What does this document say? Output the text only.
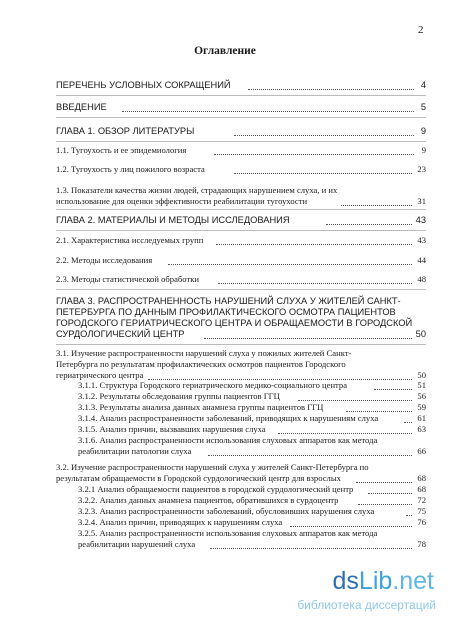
2
Оглавление
ПЕРЕЧЕНЬ УСЛОВНЫХ СОКРАЩЕНИЙ	4
ВВЕДЕНИЕ	5
ГЛАВА 1. ОБЗОР ЛИТЕРАТУРЫ	9
1.1. Тугоухость и ее эпидемиология	9
1.2. Тугоухость у лиц пожилого возраста	23
1.3. Показатели качества жизни людей, страдающих нарушением слуха, и их
использование для оценки эффективности реабилитации тугоухости	31
ГЛАВА 2. МАТЕРИАЛЫ И МЕТОДЫ ИССЛЕДОВАНИЯ	43
2.1. Характеристика исследуемых групп	43
2.2. Методы исследования	44
2.3. Методы статистической обработки	48
ГЛАВА 3. РАСПРОСТРАНЕННОСТЬ НАРУШЕНИЙ СЛУХА У ЖИТЕЛЕЙ САНКТ-
ПЕТЕРБУРГА ПО ДАННЫМ ПРОФИЛАКТИЧЕСКОГО ОСМОТРА ПАЦИЕНТОВ
ГОРОДСКОГО ГЕРИАТРИЧЕСКОГО ЦЕНТРА И ОБРАЩАЕМОСТИ В ГОРОДСКОЙ
СУРДОЛОГИЧЕСКИЙ ЦЕНТР	50
3.1. Изучение распространенности нарушений слуха у пожилых жителей Санкт-
Петербурга по результатам профилактических осмотров пациентов Городского
гериатрического центра	50
3.1.1. Структура Городского гериатрического медико-социального центра	51
3.1.2. Результаты обследования группы пациентов ГГЦ	56
3.1.3. Результаты анализа данных анамнеза группы пациентов ГГЦ	59
3.1.4. Анализ распространенности заболеваний, приводящих к нарушениям слуха	61
3.1.5. Анализ причин, вызвавших нарушения слуха	63
3.1.6. Анализ распространенности использования слуховых аппаратов как метода
реабилитации патологии слуха	66
3.2. Изучение распространенности нарушений слуха у жителей Санкт-Петербурга по
результатам обращаемости в Городской сурдологический центр для взрослых	68
3.2.1 Анализ обращаемости пациентов в городской сурдологический центр	68
3.2.2. Анализ данных анамнеза пациентов, обратившихся в сурдоцентр	72
3.2.3. Анализ распространенности заболеваний, обусловивших нарушения слуха	75
3.2.4. Анализ причин, приводящих к нарушениям слуха	76
3.2.5. Анализ распространенности использования слуховых аппаратов как метода
реабилитации нарушений слуха	78
dsLib.net
библиотека диссертаций
